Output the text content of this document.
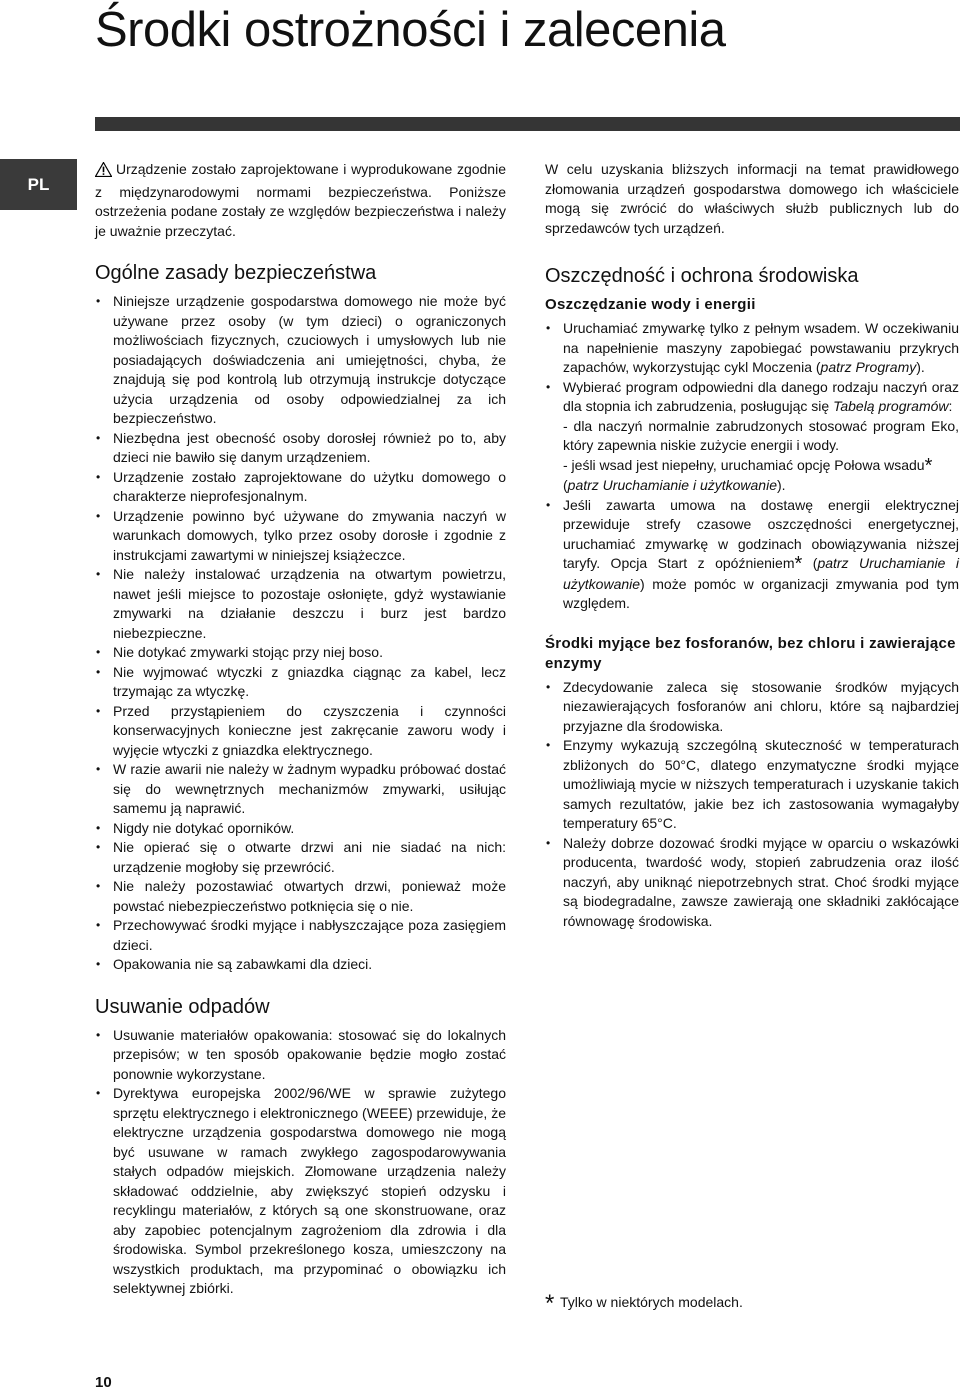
Środki ostrożności i zalecenia
PL

Urządzenie zostało zaprojektowane i wyprodukowane zgodnie z międzynarodowymi normami bezpieczeństwa. Poniższe ostrzeżenia podane zostały ze względów bezpieczeństwa i należy je uważnie przeczytać.

Ogólne zasady bezpieczeństwa
• Niniejsze urządzenie gospodarstwa domowego nie może być używane przez osoby (w tym dzieci) o ograniczonych możliwościach fizycznych, czuciowych i umysłowych lub nie posiadających doświadczenia ani umiejętności, chyba, że znajdują się pod kontrolą lub otrzymują instrukcje dotyczące użycia urządzenia od osoby odpowiedzialnej za ich bezpieczeństwo.
• Niezbędna jest obecność osoby dorosłej również po to, aby dzieci nie bawiło się danym urządzeniem.
• Urządzenie zostało zaprojektowane do użytku domowego o charakterze nieprofesjonalnym.
• Urządzenie powinno być używane do zmywania naczyń w warunkach domowych, tylko przez osoby dorosłe i zgodnie z instrukcjami zawartymi w niniejszej książeczce.
• Nie należy instalować urządzenia na otwartym powietrzu, nawet jeśli miejsce to pozostaje osłonięte, gdyż wystawianie zmywarki na działanie deszczu i burz jest bardzo niebezpieczne.
• Nie dotykać zmywarki stojąc przy niej boso.
• Nie wyjmować wtyczki z gniazdka ciągnąc za kabel, lecz trzymając za wtyczkę.
• Przed przystąpieniem do czyszczenia i czynności konserwacyjnych konieczne jest zakręcanie zaworu wody i wyjęcie wtyczki z gniazdka elektrycznego.
• W razie awarii nie należy w żadnym wypadku próbować dostać się do wewnętrznych mechanizmów zmywarki, usiłując samemu ją naprawić.
• Nigdy nie dotykać oporników.
• Nie opierać się o otwarte drzwi ani nie siadać na nich: urządzenie mogłoby się przewrócić.
• Nie należy pozostawiać otwartych drzwi, ponieważ może powstać niebezpieczeństwo potknięcia się o nie.
• Przechowywać środki myjące i nabłyszczające poza zasięgiem dzieci.
• Opakowania nie są zabawkami dla dzieci.
Usuwanie odpadów
• Usuwanie materiałów opakowania: stosować się do lokalnych przepisów; w ten sposób opakowanie będzie mogło zostać ponownie wykorzystane.
• Dyrektywa europejska 2002/96/WE w sprawie zużytego sprzętu elektrycznego i elektronicznego (WEEE) przewiduje, że elektryczne urządzenia gospodarstwa domowego nie mogą być usuwane w ramach zwykłego zagospodarowywania stałych odpadów miejskich. Złomowane urządzenia należy składować oddzielnie, aby zwiększyć stopień odzysku i recyklingu materiałów, z których są one skonstruowane, oraz aby zapobiec potencjalnym zagrożeniom dla zdrowia i dla środowiska. Symbol przekreślonego kosza, umieszczony na wszystkich produktach, ma przypominać o obowiązku ich selektywnej zbiórki.

W celu uzyskania bliższych informacji na temat prawidłowego złomowania urządzeń gospodarstwa domowego ich właściciele mogą się zwrócić do właściwych służb publicznych lub do sprzedawców tych urządzeń.

Oszczędność i ochrona środowiska
Oszczędzanie wody i energii
• Uruchamiać zmywarkę tylko z pełnym wsadem. W oczekiwaniu na napełnienie maszyny zapobiegać powstawaniu przykrych zapachów, wykorzystując cykl Moczenia (patrz Programy).
• Wybierać program odpowiedni dla danego rodzaju naczyń oraz dla stopnia ich zabrudzenia, posługując się Tabelą programów:

- dla naczyń normalnie zabrudzonych stosować program Eko, który zapewnia niskie zużycie energii i wody.

- jeśli wsad jest niepełny, uruchamiać opcję Połowa wsadu*
(patrz Uruchamianie i użytkowanie).

• Jeśli zawarta umowa na dostawę energii elektrycznej przewiduje strefy czasowe oszczędności energetycznej, uruchamiać zmywarkę w godzinach obowiązywania niższej taryfy. Opcja Start z opóźnieniem* (patrz Uruchamianie i użytkowanie) może pomóc w organizacji zmywania pod tym względem.
Środki myjące bez fosforanów, bez chloru i zawierające enzymy
• Zdecydowanie zaleca się stosowanie środków myjących niezawierających fosforanów ani chloru, które są najbardziej przyjazne dla środowiska.
• Enzymy wykazują szczególną skuteczność w temperaturach zbliżonych do 50°C, dlatego enzymatyczne środki myjące umożliwiają mycie w niższych temperaturach i uzyskanie takich samych rezultatów, jakie bez ich zastosowania wymagałyby temperatury 65°C.
• Należy dobrze dozować środki myjące w oparciu o wskazówki producenta, twardość wody, stopień zabrudzenia oraz ilość naczyń, aby uniknąć niepotrzebnych strat. Choć środki myjące są biodegradalne, zawsze zawierają one składniki zakłócające równowagę środowiska.
* Tylko w niektórych modelach.
10
